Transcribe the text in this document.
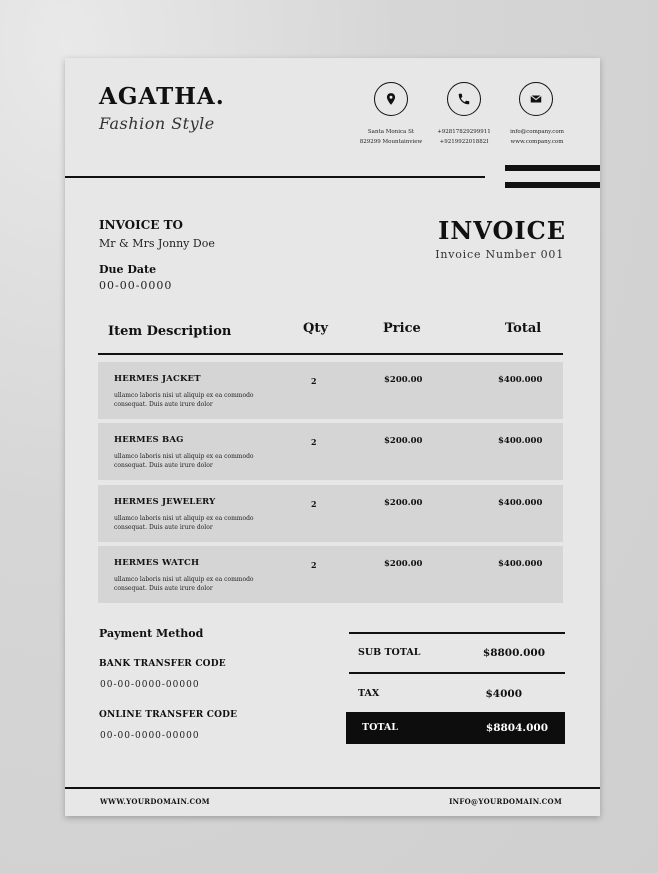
AGATHA.
Fashion Style	Santa Monica St
829299 Mountainview
+92817829299911
+921992201882I
info@company.com
www.company.com
INVOICE TO
Mr & Mrs Jonny Doe
Due Date
00-00-0000
INVOICE
Invoice Number 001
Item Description	Qty	Price	Total
HERMES JACKET
ullamco laboris nisi ut aliquip ex ea commodo consequat. Duis aute irure dolor
2	$200.00	$400.000
HERMES BAG
ullamco laboris nisi ut aliquip ex ea commodo consequat. Duis aute irure dolor
2	$200.00	$400.000
HERMES JEWELERY
ullamco laboris nisi ut aliquip ex ea commodo consequat. Duis aute irure dolor
2	$200.00	$400.000
HERMES WATCH
ullamco laboris nisi ut aliquip ex ea commodo consequat. Duis aute irure dolor
2	$200.00	$400.000
Payment Method
BANK TRANSFER CODE
00-00-0000-00000
ONLINE TRANSFER CODE
00-00-0000-00000
SUB TOTAL	$8800.000
TAX	$4000
TOTAL	$8804.000
WWW.YOURDOMAIN.COM	INFO@YOURDOMAIN.COM
